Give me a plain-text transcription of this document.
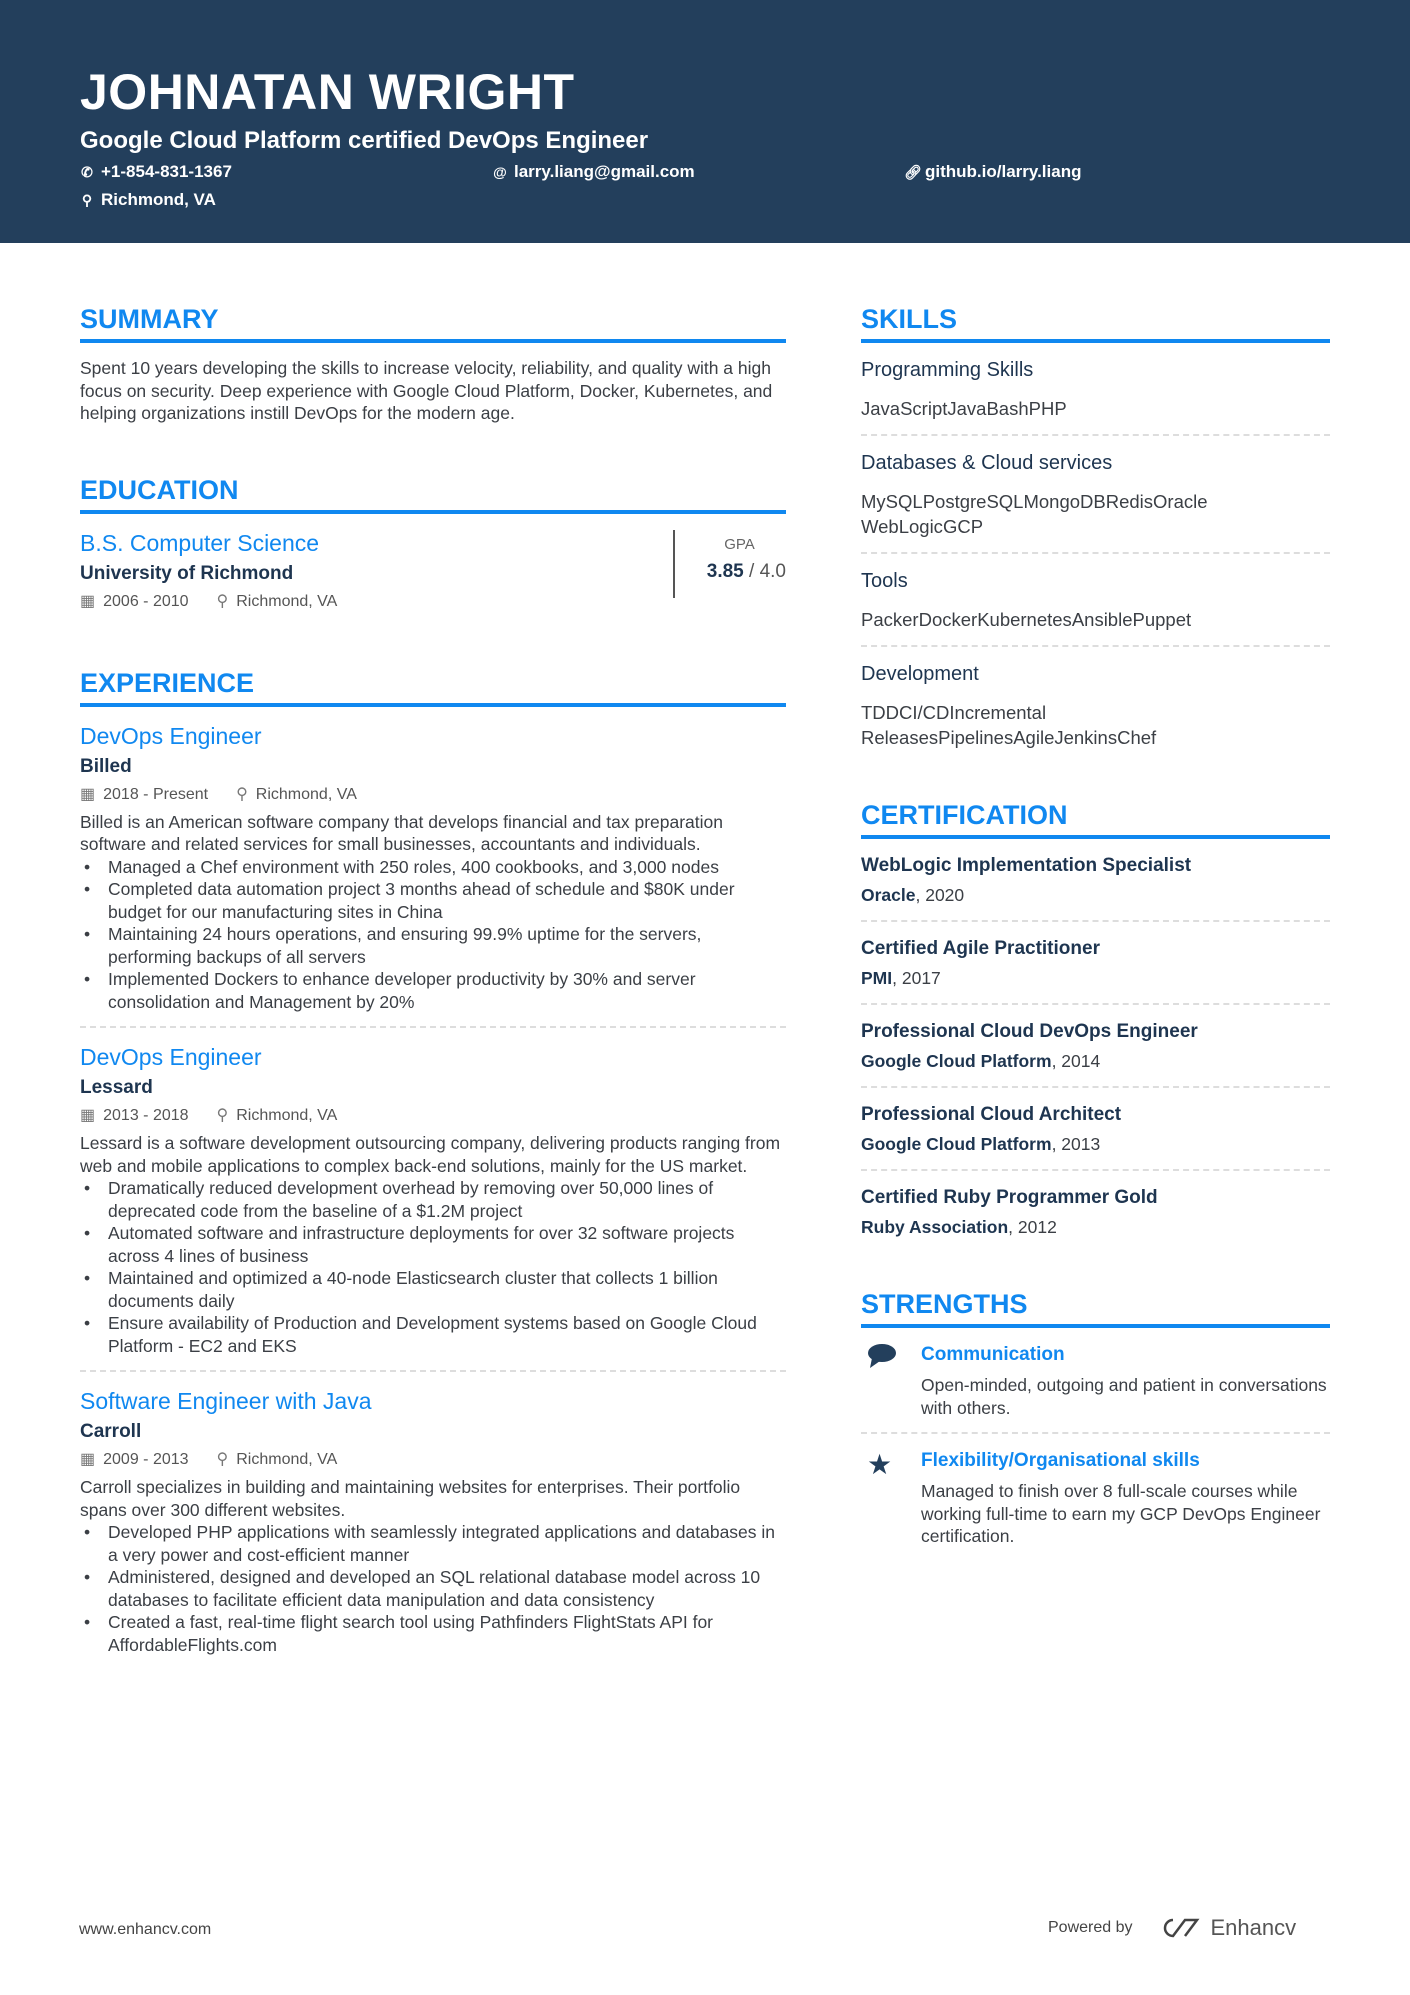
JOHNATAN WRIGHT
Google Cloud Platform certified DevOps Engineer
✆ +1-854-831-1367	@ larry.liang@gmail.com	🔗︎ github.io/larry.liang
⚲ Richmond, VA
SUMMARY
Spent 10 years developing the skills to increase velocity, reliability, and quality with a high focus on security. Deep experience with Google Cloud Platform, Docker, Kubernetes, and helping organizations instill DevOps for the modern age.
EDUCATION
B.S. Computer Science
University of Richmond
▦ 2006 - 2010 ⚲ Richmond, VA
GPA
3.85 / 4.0
EXPERIENCE
DevOps Engineer
Billed
▦ 2018 - Present ⚲ Richmond, VA
Billed is an American software company that develops financial and tax preparation software and related services for small businesses, accountants and individuals.
• Managed a Chef environment with 250 roles, 400 cookbooks, and 3,000 nodes
• Completed data automation project 3 months ahead of schedule and $80K under budget for our manufacturing sites in China
• Maintaining 24 hours operations, and ensuring 99.9% uptime for the servers, performing backups of all servers
• Implemented Dockers to enhance developer productivity by 30% and server consolidation and Management by 20%
DevOps Engineer
Lessard
▦ 2013 - 2018 ⚲ Richmond, VA
Lessard is a software development outsourcing company, delivering products ranging from web and mobile applications to complex back-end solutions, mainly for the US market.
• Dramatically reduced development overhead by removing over 50,000 lines of deprecated code from the baseline of a $1.2M project
• Automated software and infrastructure deployments for over 32 software projects across 4 lines of business
• Maintained and optimized a 40-node Elasticsearch cluster that collects 1 billion documents daily
• Ensure availability of Production and Development systems based on Google Cloud Platform - EC2 and EKS
Software Engineer with Java
Carroll
▦ 2009 - 2013 ⚲ Richmond, VA
Carroll specializes in building and maintaining websites for enterprises. Their portfolio spans over 300 different websites.
• Developed PHP applications with seamlessly integrated applications and databases in a very power and cost-efficient manner
• Administered, designed and developed an SQL relational database model across 10 databases to facilitate efficient data manipulation and data consistency
• Created a fast, real-time flight search tool using Pathfinders FlightStats API for AffordableFlights.com
SKILLS
Programming Skills
JavaScriptJavaBashPHP
Databases & Cloud services
MySQLPostgreSQLMongoDBRedisOracle WebLogicGCP
Tools
PackerDockerKubernetesAnsiblePuppet
Development
TDDCI/CDIncremental ReleasesPipelinesAgileJenkinsChef
CERTIFICATION
WebLogic Implementation Specialist
Oracle, 2020
Certified Agile Practitioner
PMI, 2017
Professional Cloud DevOps Engineer
Google Cloud Platform, 2014
Professional Cloud Architect
Google Cloud Platform, 2013
Certified Ruby Programmer Gold
Ruby Association, 2012
STRENGTHS
Communication
Open-minded, outgoing and patient in conversations with others.
★ Flexibility/Organisational skills
Managed to finish over 8 full-scale courses while working full-time to earn my GCP DevOps Engineer certification.
www.enhancv.com	Powered by	Enhancv
